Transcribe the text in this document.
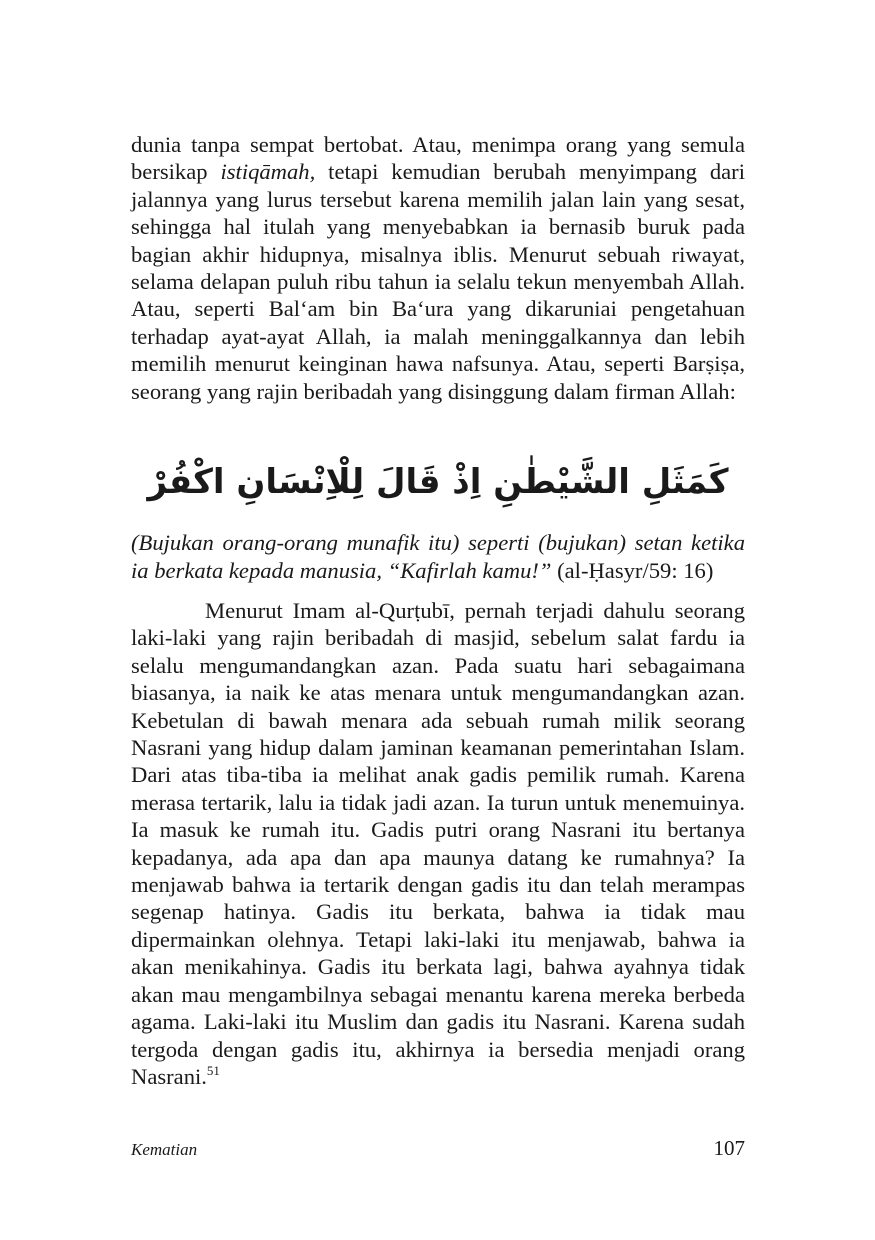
dunia tanpa sempat bertobat. Atau, menimpa orang yang semula bersikap istiqāmah, tetapi kemudian berubah menyimpang dari jalannya yang lurus tersebut karena memilih jalan lain yang sesat, sehingga hal itulah yang menyebabkan ia bernasib buruk pada bagian akhir hidupnya, misalnya iblis. Menurut sebuah riwayat, selama delapan puluh ribu tahun ia selalu tekun menyembah Allah. Atau, seperti Bal‘am bin Ba‘ura yang dikaruniai pengetahuan terhadap ayat-ayat Allah, ia malah meninggalkannya dan lebih memilih menurut keinginan hawa nafsunya. Atau, seperti Barṣiṣa, seorang yang rajin beribadah yang disinggung dalam firman Allah:

كَمَثَلِ الشَّيْطٰنِ اِذْ قَالَ لِلْاِنْسَانِ اكْفُرْ

(Bujukan orang-orang munafik itu) seperti (bujukan) setan ketika ia berkata kepada manusia, “Kafirlah kamu!” (al-Ḥasyr/59: 16)

Menurut Imam al-Qurṭubī, pernah terjadi dahulu seorang laki-laki yang rajin beribadah di masjid, sebelum salat fardu ia selalu mengumandangkan azan. Pada suatu hari sebagaimana biasanya, ia naik ke atas menara untuk mengumandangkan azan. Kebetulan di bawah menara ada sebuah rumah milik seorang Nasrani yang hidup dalam jaminan keamanan pemerintahan Islam. Dari atas tiba-tiba ia melihat anak gadis pemilik rumah. Karena merasa tertarik, lalu ia tidak jadi azan. Ia turun untuk menemuinya. Ia masuk ke rumah itu. Gadis putri orang Nasrani itu bertanya kepadanya, ada apa dan apa maunya datang ke rumahnya? Ia menjawab bahwa ia tertarik dengan gadis itu dan telah merampas segenap hatinya. Gadis itu berkata, bahwa ia tidak mau dipermainkan olehnya. Tetapi laki-laki itu menjawab, bahwa ia akan menikahinya. Gadis itu berkata lagi, bahwa ayahnya tidak akan mau mengambilnya sebagai menantu karena mereka berbeda agama. Laki-laki itu Muslim dan gadis itu Nasrani. Karena sudah tergoda dengan gadis itu, akhirnya ia bersedia menjadi orang Nasrani.$^{51}$

Kematian	107
